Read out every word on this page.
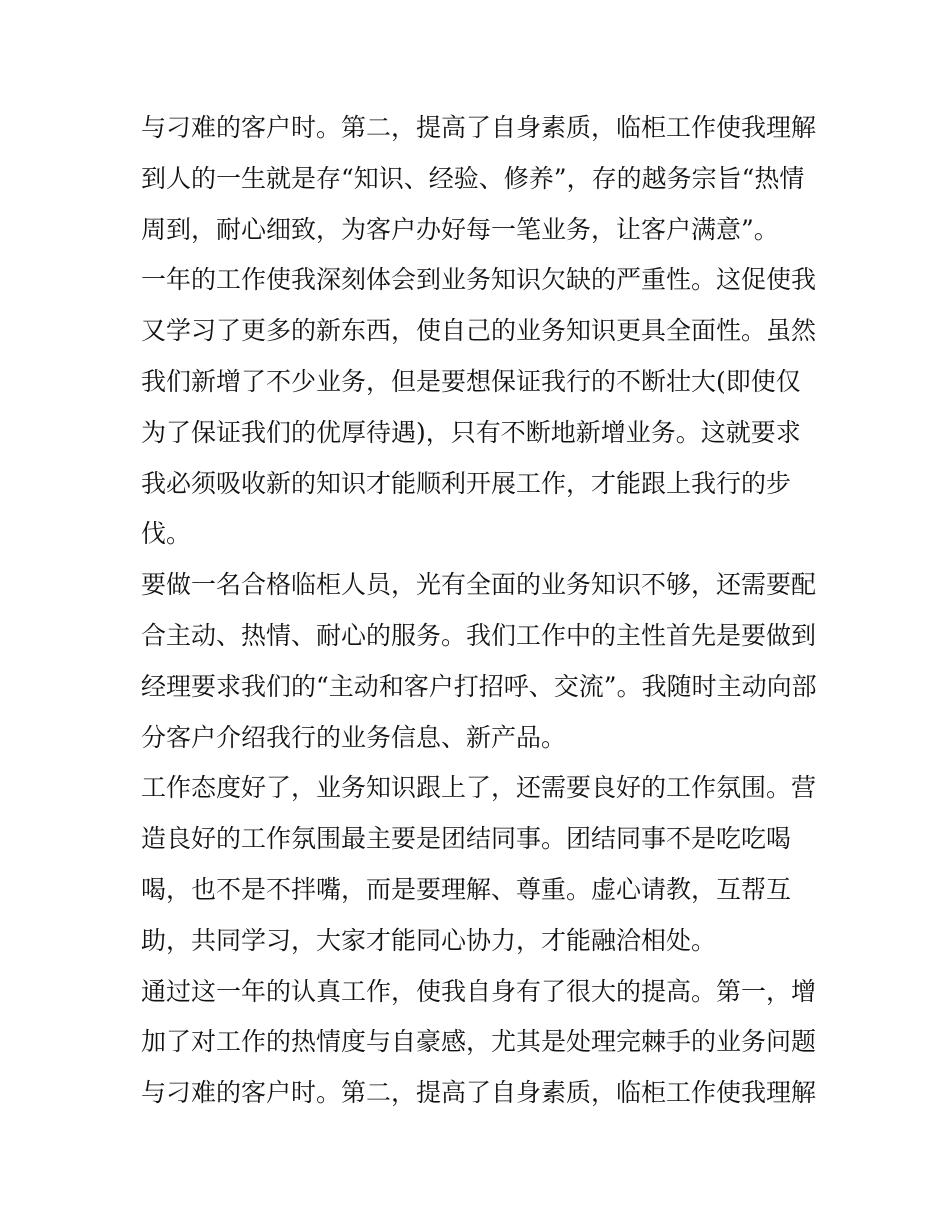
与刁难的客户时。第二，提高了自身素质，临柜工作使我理解
到人的一生就是存“知识、经验、修养”，存的越务宗旨“热情
周到，耐心细致，为客户办好每一笔业务，让客户满意”。
一年的工作使我深刻体会到业务知识欠缺的严重性。这促使我
又学习了更多的新东西，使自己的业务知识更具全面性。虽然
我们新增了不少业务，但是要想保证我行的不断壮大(即使仅
为了保证我们的优厚待遇)，只有不断地新增业务。这就要求
我必须吸收新的知识才能顺利开展工作，才能跟上我行的步
伐。
要做一名合格临柜人员，光有全面的业务知识不够，还需要配
合主动、热情、耐心的服务。我们工作中的主性首先是要做到
经理要求我们的“主动和客户打招呼、交流”。我随时主动向部
分客户介绍我行的业务信息、新产品。
工作态度好了，业务知识跟上了，还需要良好的工作氛围。营
造良好的工作氛围最主要是团结同事。团结同事不是吃吃喝
喝，也不是不拌嘴，而是要理解、尊重。虚心请教，互帮互
助，共同学习，大家才能同心协力，才能融洽相处。
通过这一年的认真工作，使我自身有了很大的提高。第一，增
加了对工作的热情度与自豪感，尤其是处理完棘手的业务问题
与刁难的客户时。第二，提高了自身素质，临柜工作使我理解
